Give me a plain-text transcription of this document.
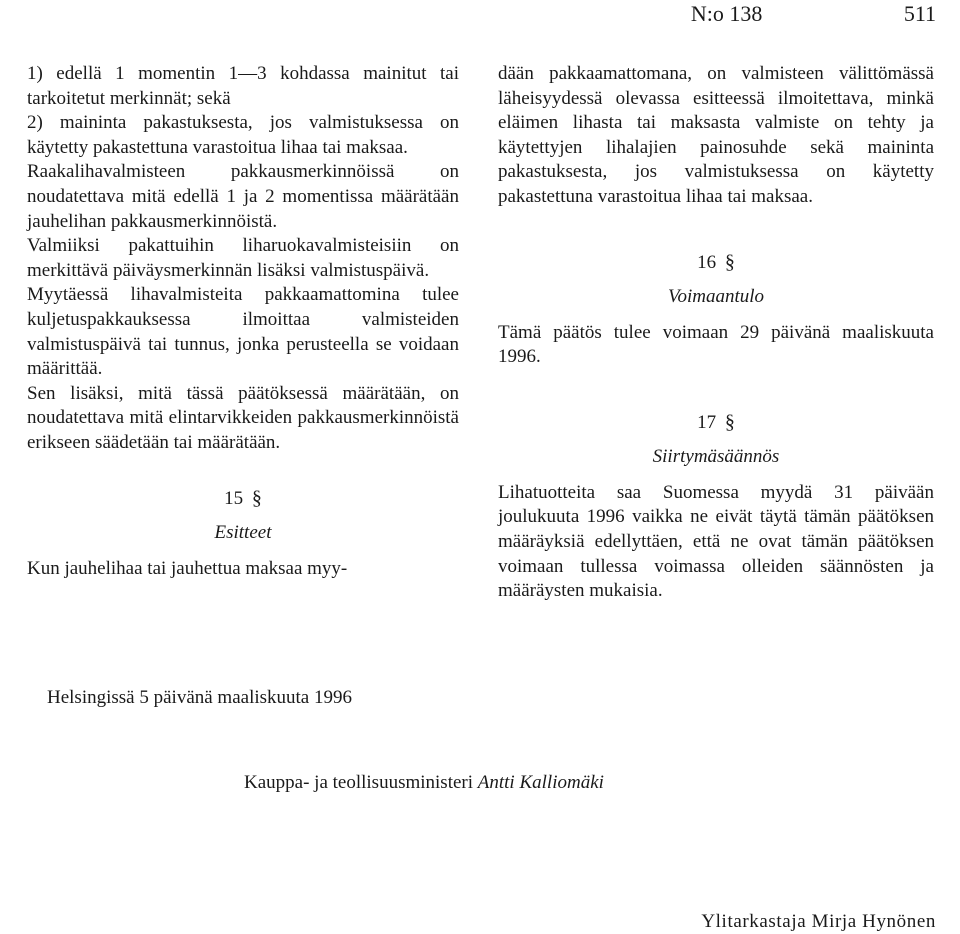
N:o 138	511

1) edellä 1 momentin 1—3 kohdassa mainitut tai tarkoitetut merkinnät; sekä

2) maininta pakastuksesta, jos valmistuksessa on käytetty pakastettuna varastoitua lihaa tai maksaa.

Raakalihavalmisteen pakkausmerkinnöissä on noudatettava mitä edellä 1 ja 2 momentissa määrätään jauhelihan pakkausmerkinnöistä.

Valmiiksi pakattuihin liharuokavalmisteisiin on merkittävä päiväysmerkinnän lisäksi valmistuspäivä.

Myytäessä lihavalmisteita pakkaamattomina tulee kuljetuspakkauksessa ilmoittaa valmisteiden valmistuspäivä tai tunnus, jonka perusteella se voidaan määrittää.

Sen lisäksi, mitä tässä päätöksessä määrätään, on noudatettava mitä elintarvikkeiden pakkausmerkinnöistä erikseen säädetään tai määrätään.

15 §
Esitteet

Kun jauhelihaa tai jauhettua maksaa myy-

dään pakkaamattomana, on valmisteen välittömässä läheisyydessä olevassa esitteessä ilmoitettava, minkä eläimen lihasta tai maksasta valmiste on tehty ja käytettyjen lihalajien painosuhde sekä maininta pakastuksesta, jos valmistuksessa on käytetty pakastettuna varastoitua lihaa tai maksaa.

16 §
Voimaantulo

Tämä päätös tulee voimaan 29 päivänä maaliskuuta 1996.

17 §
Siirtymäsäännös

Lihatuotteita saa Suomessa myydä 31 päivään joulukuuta 1996 vaikka ne eivät täytä tämän päätöksen määräyksiä edellyttäen, että ne ovat tämän päätöksen voimaan tullessa voimassa olleiden säännösten ja määräysten mukaisia.

Helsingissä 5 päivänä maaliskuuta 1996
Kauppa- ja teollisuusministeri Antti Kalliomäki
Ylitarkastaja Mirja Hynönen
